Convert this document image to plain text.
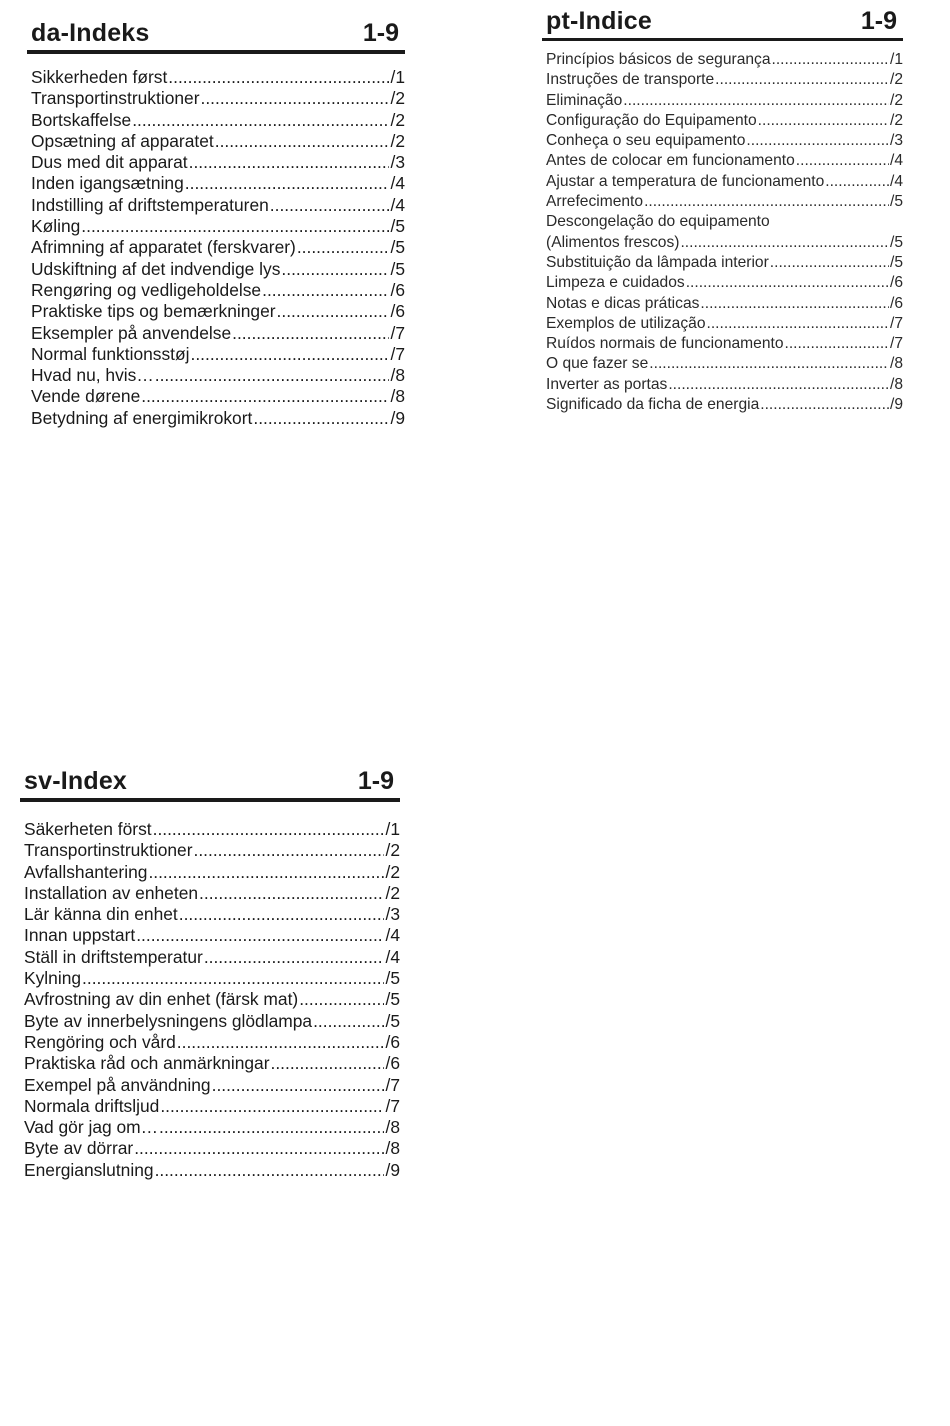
da-Indeks	1-9
Sikkerheden først .....	/1
Transportinstruktioner .....	/2
Bortskaffelse .....	/2
Opsætning af apparatet .....	/2
Dus med dit apparat .....	/3
Inden igangsætning .....	/4
Indstilling af driftstemperaturen .....	/4
Køling .....	/5
Afrimning af apparatet (ferskvarer) .....	/5
Udskiftning af det indvendige lys .....	/5
Rengøring og vedligeholdelse .....	/6
Praktiske tips og bemærkninger .....	/6
Eksempler på anvendelse .....	/7
Normal funktionsstøj .....	/7
Hvad nu, hvis… .....	/8
Vende dørene .....	/8
Betydning af energimikrokort .....	/9
pt-Indice	1-9
Princípios básicos de segurança .....	/1
Instruções de transporte .....	/2
Eliminação .....	/2
Configuração do Equipamento .....	/2
Conheça o seu equipamento .....	/3
Antes de colocar em funcionamento .....	/4
Ajustar a temperatura de funcionamento .....	/4
Arrefecimento .....	/5
Descongelação do equipamento
(Alimentos frescos) .....	/5
Substituição da lâmpada interior .....	/5
Limpeza e cuidados .....	/6
Notas e dicas práticas .....	/6
Exemplos de utilização .....	/7
Ruídos normais de funcionamento .....	/7
O que fazer se .....	/8
Inverter as portas .....	/8
Significado da ficha de energia .....	/9
sv-Index	1-9
Säkerheten först .....	/1
Transportinstruktioner .....	/2
Avfallshantering .....	/2
Installation av enheten .....	/2
Lär känna din enhet .....	/3
Innan uppstart .....	/4
Ställ in driftstemperatur .....	/4
Kylning .....	/5
Avfrostning av din enhet (färsk mat) .....	/5
Byte av innerbelysningens glödlampa .....	/5
Rengöring och vård .....	/6
Praktiska råd och anmärkningar .....	/6
Exempel på användning .....	/7
Normala driftsljud .....	/7
Vad gör jag om… .....	/8
Byte av dörrar .....	/8
Energianslutning .....	/9
